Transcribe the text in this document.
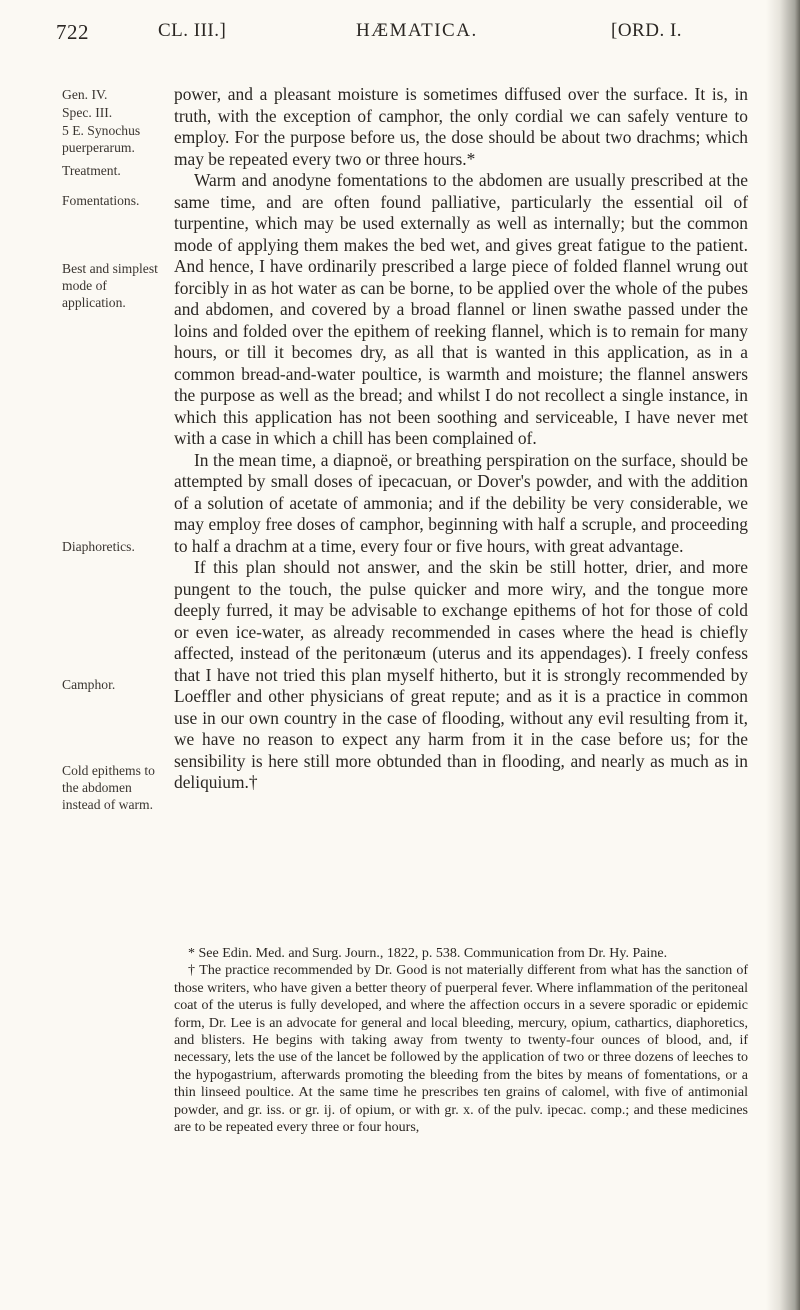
722	CL. III.]	HÆMATICA.	[ORD. I.
Gen. IV.
Spec. III.
5 E. Synochus puerperarum.
Treatment.
Fomentations.
Best and simplest mode of application.
Diaphoretics.
Camphor.
Cold epithems to the abdomen instead of warm.

power, and a pleasant moisture is sometimes diffused over the surface. It is, in truth, with the exception of camphor, the only cordial we can safely venture to employ. For the purpose before us, the dose should be about two drachms; which may be repeated every two or three hours.*

Warm and anodyne fomentations to the abdomen are usually prescribed at the same time, and are often found palliative, particularly the essential oil of turpentine, which may be used externally as well as internally; but the common mode of applying them makes the bed wet, and gives great fatigue to the patient. And hence, I have ordinarily prescribed a large piece of folded flannel wrung out forcibly in as hot water as can be borne, to be applied over the whole of the pubes and abdomen, and covered by a broad flannel or linen swathe passed under the loins and folded over the epithem of reeking flannel, which is to remain for many hours, or till it becomes dry, as all that is wanted in this application, as in a common bread-and-water poultice, is warmth and moisture; the flannel answers the purpose as well as the bread; and whilst I do not recollect a single instance, in which this application has not been soothing and serviceable, I have never met with a case in which a chill has been complained of.

In the mean time, a diapnoë, or breathing perspiration on the surface, should be attempted by small doses of ipecacuan, or Dover's powder, and with the addition of a solution of acetate of ammonia; and if the debility be very considerable, we may employ free doses of camphor, beginning with half a scruple, and proceeding to half a drachm at a time, every four or five hours, with great advantage.

If this plan should not answer, and the skin be still hotter, drier, and more pungent to the touch, the pulse quicker and more wiry, and the tongue more deeply furred, it may be advisable to exchange epithems of hot for those of cold or even ice-water, as already recommended in cases where the head is chiefly affected, instead of the peritonæum (uterus and its appendages). I freely confess that I have not tried this plan myself hitherto, but it is strongly recommended by Loeffler and other physicians of great repute; and as it is a practice in common use in our own country in the case of flooding, without any evil resulting from it, we have no reason to expect any harm from it in the case before us; for the sensibility is here still more obtunded than in flooding, and nearly as much as in deliquium.†

* See Edin. Med. and Surg. Journ., 1822, p. 538. Communication from Dr. Hy. Paine.

† The practice recommended by Dr. Good is not materially different from what has the sanction of those writers, who have given a better theory of puerperal fever. Where inflammation of the peritoneal coat of the uterus is fully developed, and where the affection occurs in a severe sporadic or epidemic form, Dr. Lee is an advocate for general and local bleeding, mercury, opium, cathartics, diaphoretics, and blisters. He begins with taking away from twenty to twenty-four ounces of blood, and, if necessary, lets the use of the lancet be followed by the application of two or three dozens of leeches to the hypogastrium, afterwards promoting the bleeding from the bites by means of fomentations, or a thin linseed poultice. At the same time he prescribes ten grains of calomel, with five of antimonial powder, and gr. iss. or gr. ij. of opium, or with gr. x. of the pulv. ipecac. comp.; and these medicines are to be repeated every three or four hours,
